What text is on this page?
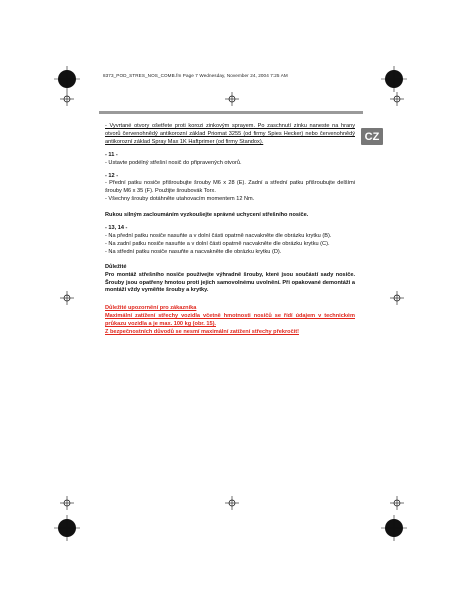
8373_POD_STRES_NOS_COMB.fm Page 7 Wednesday, November 24, 2004 7:25 AM
CZ

- Vyvrtané otvory ošetřete proti korozi zinkovým sprayem. Po zaschnutí zinku naneste na hrany otvorů červenohnědý antikorozní základ Priomat 3255 (od firmy Spies Hecker) nebo červenohnědý antikorozní základ Spray Max 1K Haftprimer (od firmy Standox).

- 11 -

- Ustavte podélný střešní nosič do připravených otvorů.

- 12 -

- Přední patku nosiče přišroubujte šrouby M6 x 28 (E). Zadní a střední patku přišroubujte delšími šrouby M6 x 35 (F). Použijte šroubovák Torx.

- Všechny šrouby dotáhněte utahovacím momentem 12 Nm.

Rukou silným zacloumáním vyzkoušejte správné uchycení střešního nosiče.

- 13, 14 -

- Na přední patku nosiče nasuňte a v dolní části opatrně nacvakněte dle obrázku krytku (B).

- Na zadní patku nosiče nasuňte a v dolní části opatrně nacvakněte dle obrázku krytku (C).

- Na střední patku nosiče nasuňte a nacvakněte dle obrázku krytku (D).

Důležité

Pro montáž střešního nosiče používejte výhradně šrouby, které jsou součástí sady nosiče. Šrouby jsou opatřeny hmotou proti jejich samovolnému uvolnění. Při opakované demontáži a montáži vždy vyměňte šrouby a krytky.

Důležité upozornění pro zákazníka

Maximální zatížení střechy vozidla včetně hmotnosti nosičů se řídí údajem v technickém průkazu vozidla a je max. 100 kg (obr. 15).

Z bezpečnostních důvodů se nesmí maximální zatížení střechy překročit!
